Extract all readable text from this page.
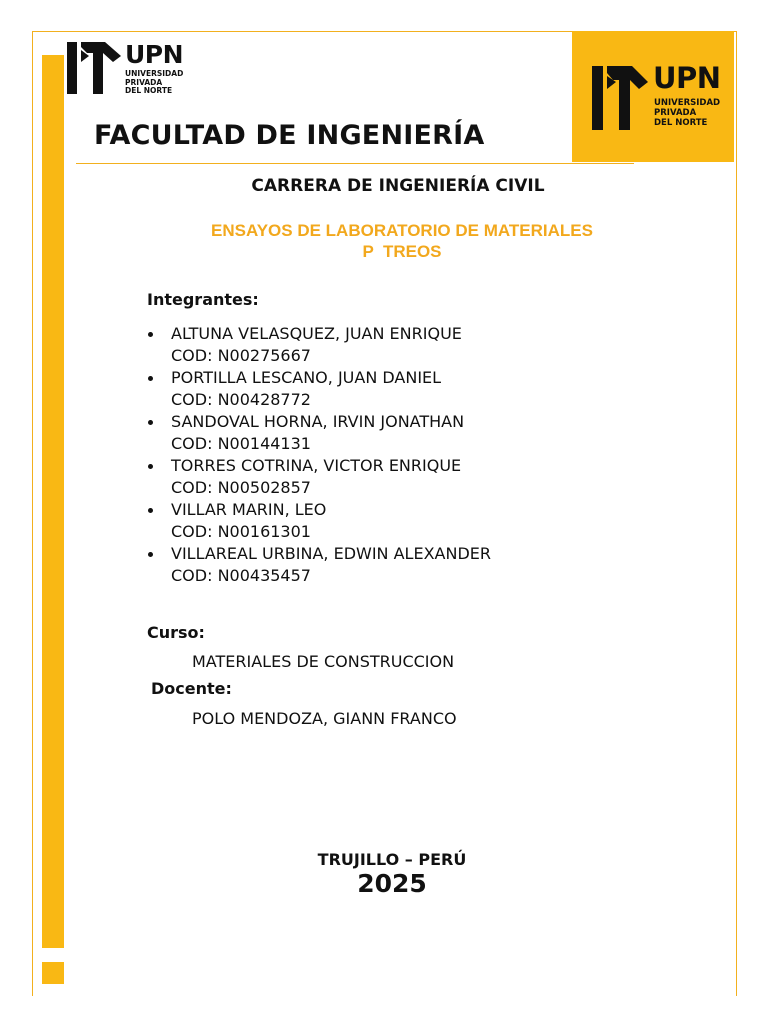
UPN
UNIVERSIDAD
PRIVADA
DEL NORTE	UPN
UNIVERSIDAD
PRIVADA
DEL NORTE
FACULTAD DE INGENIERÍA
CARRERA DE INGENIERÍA CIVIL
ENSAYOS DE LABORATORIO DE MATERIALES
P  TREOS
Integrantes:
ALTUNA VELASQUEZ, JUAN ENRIQUE
COD: N00275667
PORTILLA LESCANO, JUAN DANIEL
COD: N00428772
SANDOVAL HORNA, IRVIN JONATHAN
COD: N00144131
TORRES COTRINA, VICTOR ENRIQUE
COD: N00502857
VILLAR MARIN, LEO
COD: N00161301
VILLAREAL URBINA, EDWIN ALEXANDER
COD: N00435457
Curso:
MATERIALES DE CONSTRUCCION
Docente:
POLO MENDOZA, GIANN FRANCO
TRUJILLO – PERÚ
2025
